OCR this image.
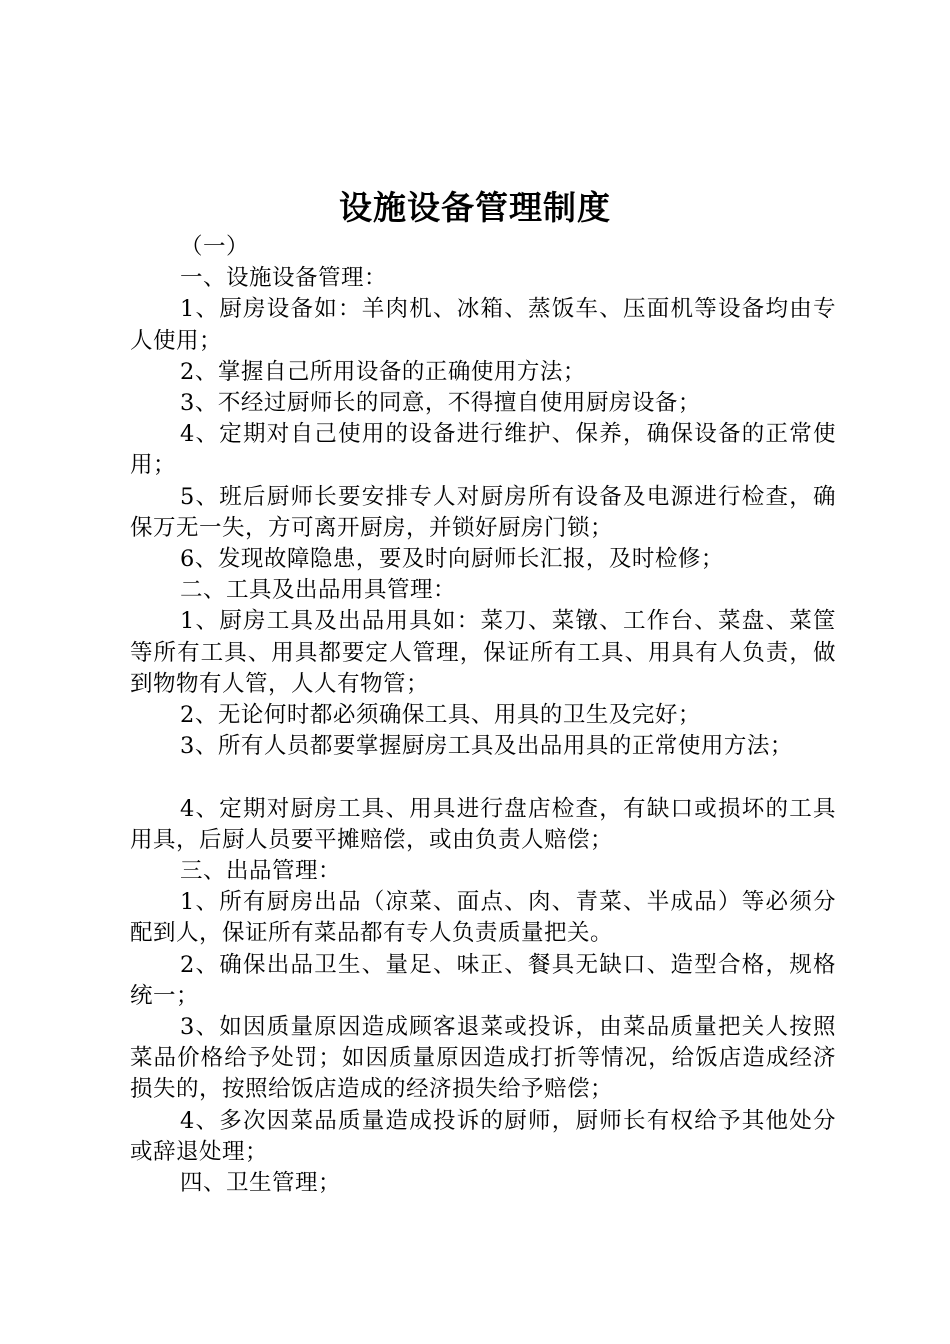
设施设备管理制度

（一）

一、设施设备管理：

1、厨房设备如：羊肉机、冰箱、蒸饭车、压面机等设备均由专人使用；

2、掌握自己所用设备的正确使用方法；

3、不经过厨师长的同意，不得擅自使用厨房设备；

4、定期对自己使用的设备进行维护、保养，确保设备的正常使用；

5、班后厨师长要安排专人对厨房所有设备及电源进行检查，确保万无一失，方可离开厨房，并锁好厨房门锁；

6、发现故障隐患，要及时向厨师长汇报，及时检修；

二、工具及出品用具管理：

1、厨房工具及出品用具如：菜刀、菜镦、工作台、菜盘、菜筐等所有工具、用具都要定人管理，保证所有工具、用具有人负责，做到物物有人管，人人有物管；

2、无论何时都必须确保工具、用具的卫生及完好；

3、所有人员都要掌握厨房工具及出品用具的正常使用方法；

4、定期对厨房工具、用具进行盘店检查，有缺口或损坏的工具用具，后厨人员要平摊赔偿，或由负责人赔偿；

三、出品管理：

1、所有厨房出品（凉菜、面点、肉、青菜、半成品）等必须分配到人，保证所有菜品都有专人负责质量把关。

2、确保出品卫生、量足、味正、餐具无缺口、造型合格，规格统一；

3、如因质量原因造成顾客退菜或投诉，由菜品质量把关人按照菜品价格给予处罚；如因质量原因造成打折等情况，给饭店造成经济损失的，按照给饭店造成的经济损失给予赔偿；

4、多次因菜品质量造成投诉的厨师，厨师长有权给予其他处分或辞退处理；

四、卫生管理；
